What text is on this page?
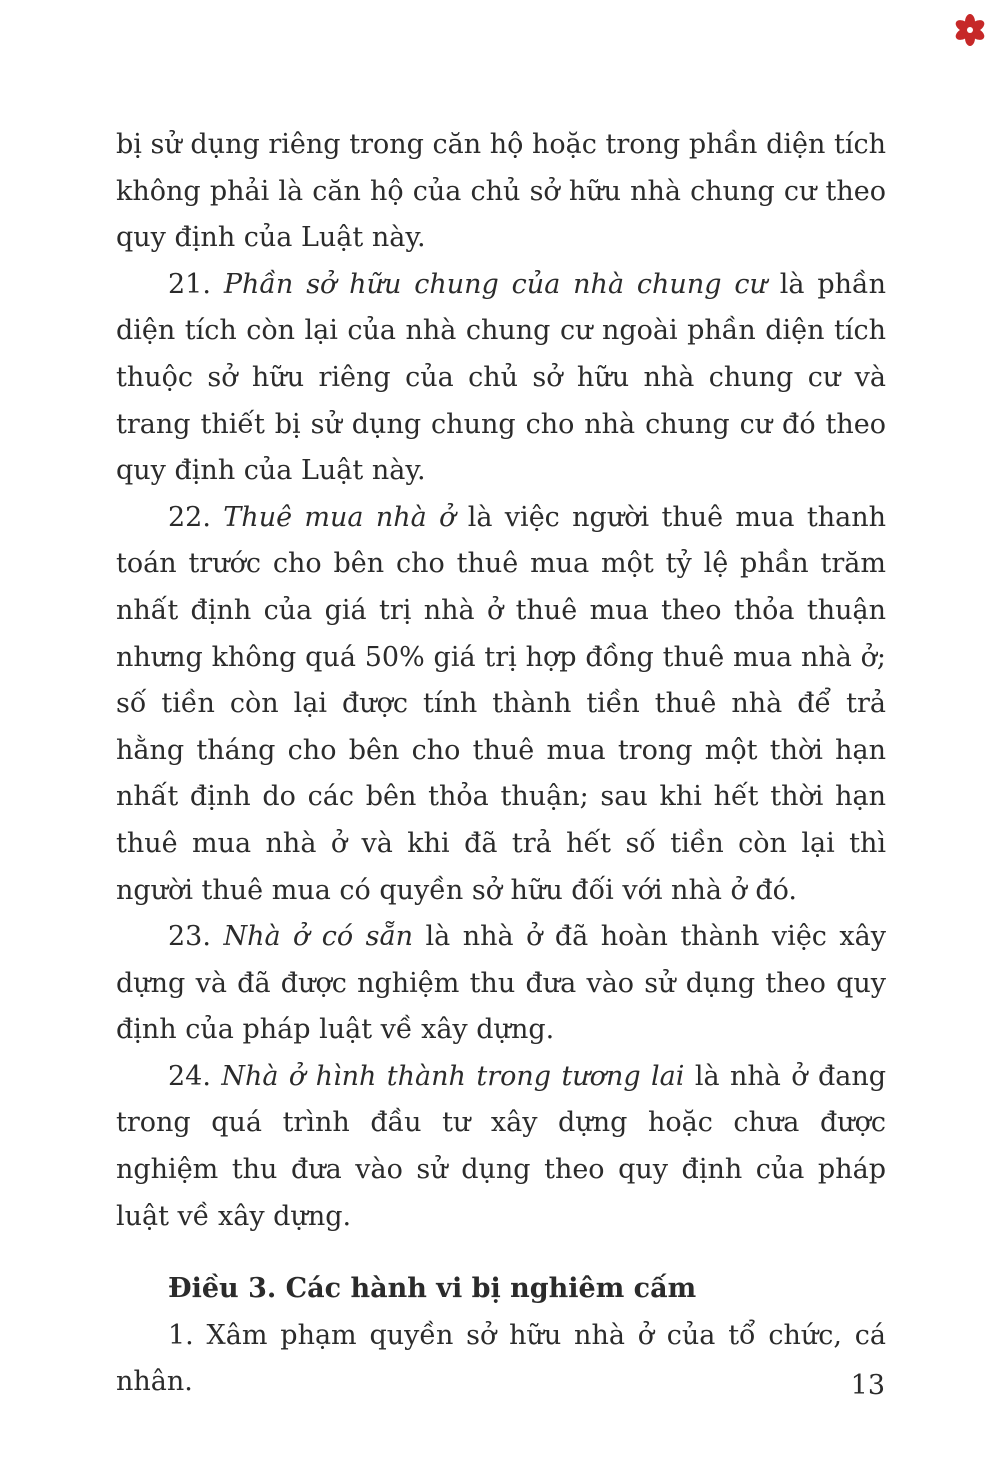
bị sử dụng riêng trong căn hộ hoặc trong phần diện tích không phải là căn hộ của chủ sở hữu nhà chung cư theo quy định của Luật này.

21. Phần sở hữu chung của nhà chung cư là phần diện tích còn lại của nhà chung cư ngoài phần diện tích thuộc sở hữu riêng của chủ sở hữu nhà chung cư và trang thiết bị sử dụng chung cho nhà chung cư đó theo quy định của Luật này.

22. Thuê mua nhà ở là việc người thuê mua thanh toán trước cho bên cho thuê mua một tỷ lệ phần trăm nhất định của giá trị nhà ở thuê mua theo thỏa thuận nhưng không quá 50% giá trị hợp đồng thuê mua nhà ở; số tiền còn lại được tính thành tiền thuê nhà để trả hằng tháng cho bên cho thuê mua trong một thời hạn nhất định do các bên thỏa thuận; sau khi hết thời hạn thuê mua nhà ở và khi đã trả hết số tiền còn lại thì người thuê mua có quyền sở hữu đối với nhà ở đó.

23. Nhà ở có sẵn là nhà ở đã hoàn thành việc xây dựng và đã được nghiệm thu đưa vào sử dụng theo quy định của pháp luật về xây dựng.

24. Nhà ở hình thành trong tương lai là nhà ở đang trong quá trình đầu tư xây dựng hoặc chưa được nghiệm thu đưa vào sử dụng theo quy định của pháp luật về xây dựng.

Điều 3. Các hành vi bị nghiêm cấm

1. Xâm phạm quyền sở hữu nhà ở của tổ chức, cá nhân.	13
